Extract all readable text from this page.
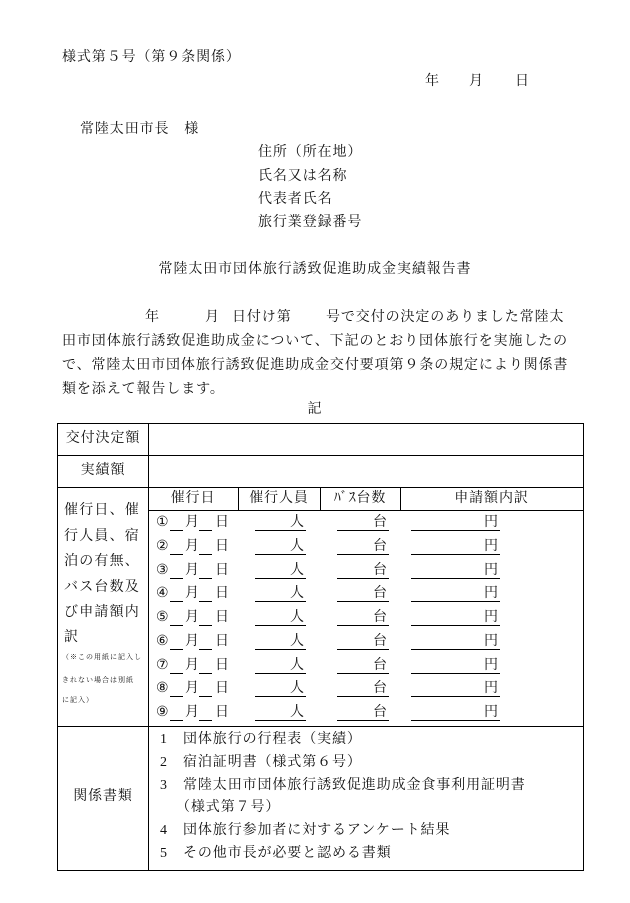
様式第５号（第９条関係）
年 月 日
常陸太田市長　様
住所（所在地）
氏名又は名称
代表者氏名
旅行業登録番号
常陸太田市団体旅行誘致促進助成金実績報告書
年	月 日付け第 号で交付の決定のありました常陸太
田市団体旅行誘致促進助成金について、下記のとおり団体旅行を実施したの
で、常陸太田市団体旅行誘致促進助成金交付要項第９条の規定により関係書
類を添えて報告します。
記
交付決定額
実績額
催行日、催
行人員、宿
泊の有無、
バス台数及
び申請額内
訳
（※この用紙に記入し
きれない場合は別紙
に記入）
催行日	催行人員	ﾊﾞｽ台数	申請額内訳
① 月 日	人	台	円
② 月 日	人	台	円
③ 月 日	人	台	円
④ 月 日	人	台	円
⑤ 月 日	人	台	円
⑥ 月 日	人	台	円
⑦ 月 日	人	台	円
⑧ 月 日	人	台	円
⑨ 月 日	人	台	円
関係書類
1 団体旅行の行程表（実績）
2 宿泊証明書（様式第６号）
3 常陸太田市団体旅行誘致促進助成金食事利用証明書
（様式第７号）
4 団体旅行参加者に対するアンケート結果
5 その他市長が必要と認める書類
